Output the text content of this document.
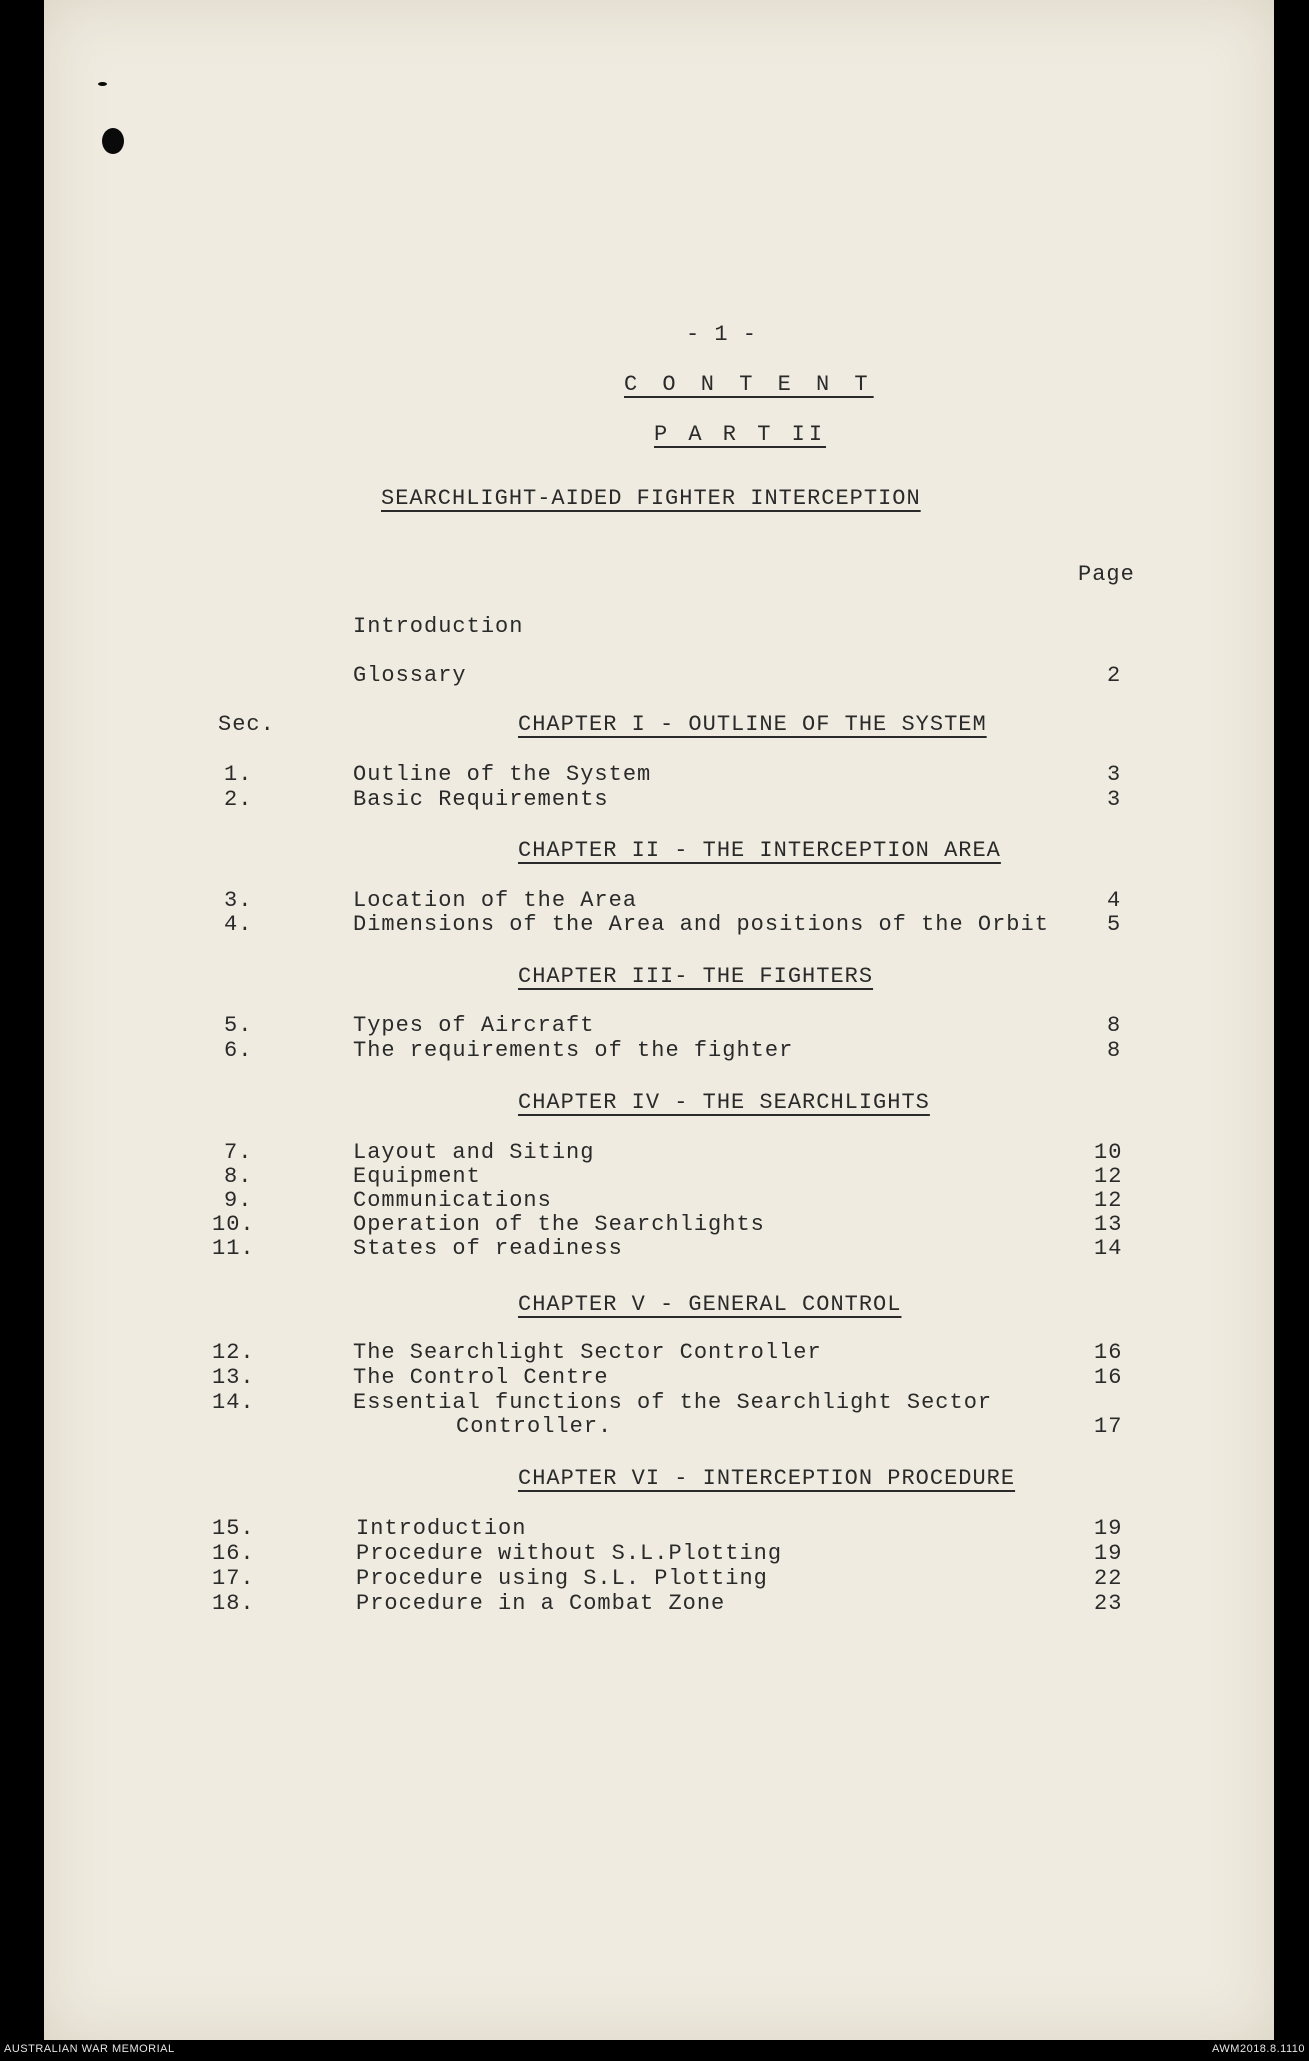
- 1 -
C O N T E N T
P A R T II
SEARCHLIGHT-AIDED FIGHTER INTERCEPTION
Page
Introduction
Glossary	2
Sec.	CHAPTER I - OUTLINE OF THE SYSTEM
1.	Outline of the System	3
2.	Basic Requirements	3
CHAPTER II - THE INTERCEPTION AREA
3.	Location of the Area	4
4.	Dimensions of the Area and positions of the Orbit	5
CHAPTER III- THE FIGHTERS
5.	Types of Aircraft	8
6.	The requirements of the fighter	8
CHAPTER IV - THE SEARCHLIGHTS
7.	Layout and Siting	10
8.	Equipment	12
9.	Communications	12
10.	Operation of the Searchlights	13
11.	States of readiness	14
CHAPTER V - GENERAL CONTROL
12.	The Searchlight Sector Controller	16
13.	The Control Centre	16
14.	Essential functions of the Searchlight Sector
Controller.	17
CHAPTER VI - INTERCEPTION PROCEDURE
15.	Introduction	19
16.	Procedure without S.L.Plotting	19
17.	Procedure using S.L. Plotting	22
18.	Procedure in a Combat Zone	23
AUSTRALIAN WAR MEMORIAL	AWM2018.8.1110
